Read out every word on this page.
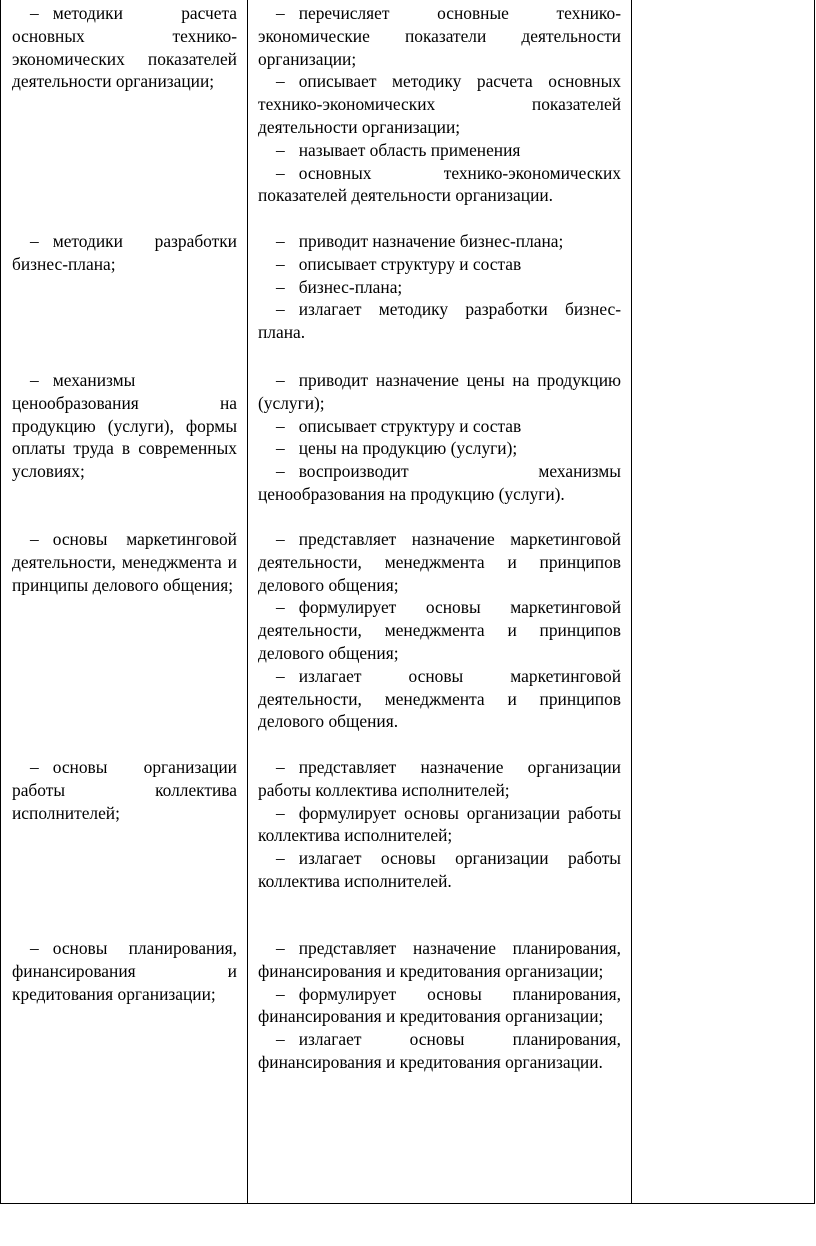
– методики расчета основных технико-экономических показателей деятельности организации;

– перечисляет основные технико-экономические показатели деятельности организации;

– описывает методику расчета основных технико-экономических показателей деятельности организации;

– называет область применения

– основных технико-экономических показателей деятельности организации.

– методики разработки бизнес-плана;

– приводит назначение бизнес-плана;

– описывает структуру и состав

– бизнес-плана;

– излагает методику разработки бизнес-плана.

– механизмы ценообразования на продукцию (услуги), формы оплаты труда в современных условиях;

– приводит назначение цены на продукцию (услуги);

– описывает структуру и состав

– цены на продукцию (услуги);

– воспроизводит механизмы ценообразования на продукцию (услуги).

– основы маркетинговой деятельности, менеджмента и принципы делового общения;

– представляет назначение маркетинговой деятельности, менеджмента и принципов делового общения;

– формулирует основы маркетинговой деятельности, менеджмента и принципов делового общения;

– излагает основы маркетинговой деятельности, менеджмента и принципов делового общения.

– основы организации работы коллектива исполнителей;

– представляет назначение организации работы коллектива исполнителей;

– формулирует основы организации работы коллектива исполнителей;

– излагает основы организации работы коллектива исполнителей.

– основы планирования, финансирования и кредитования организации;

– представляет назначение планирования, финансирования и кредитования организации;

– формулирует основы планирования, финансирования и кредитования организации;

– излагает основы планирования, финансирования и кредитования организации.
